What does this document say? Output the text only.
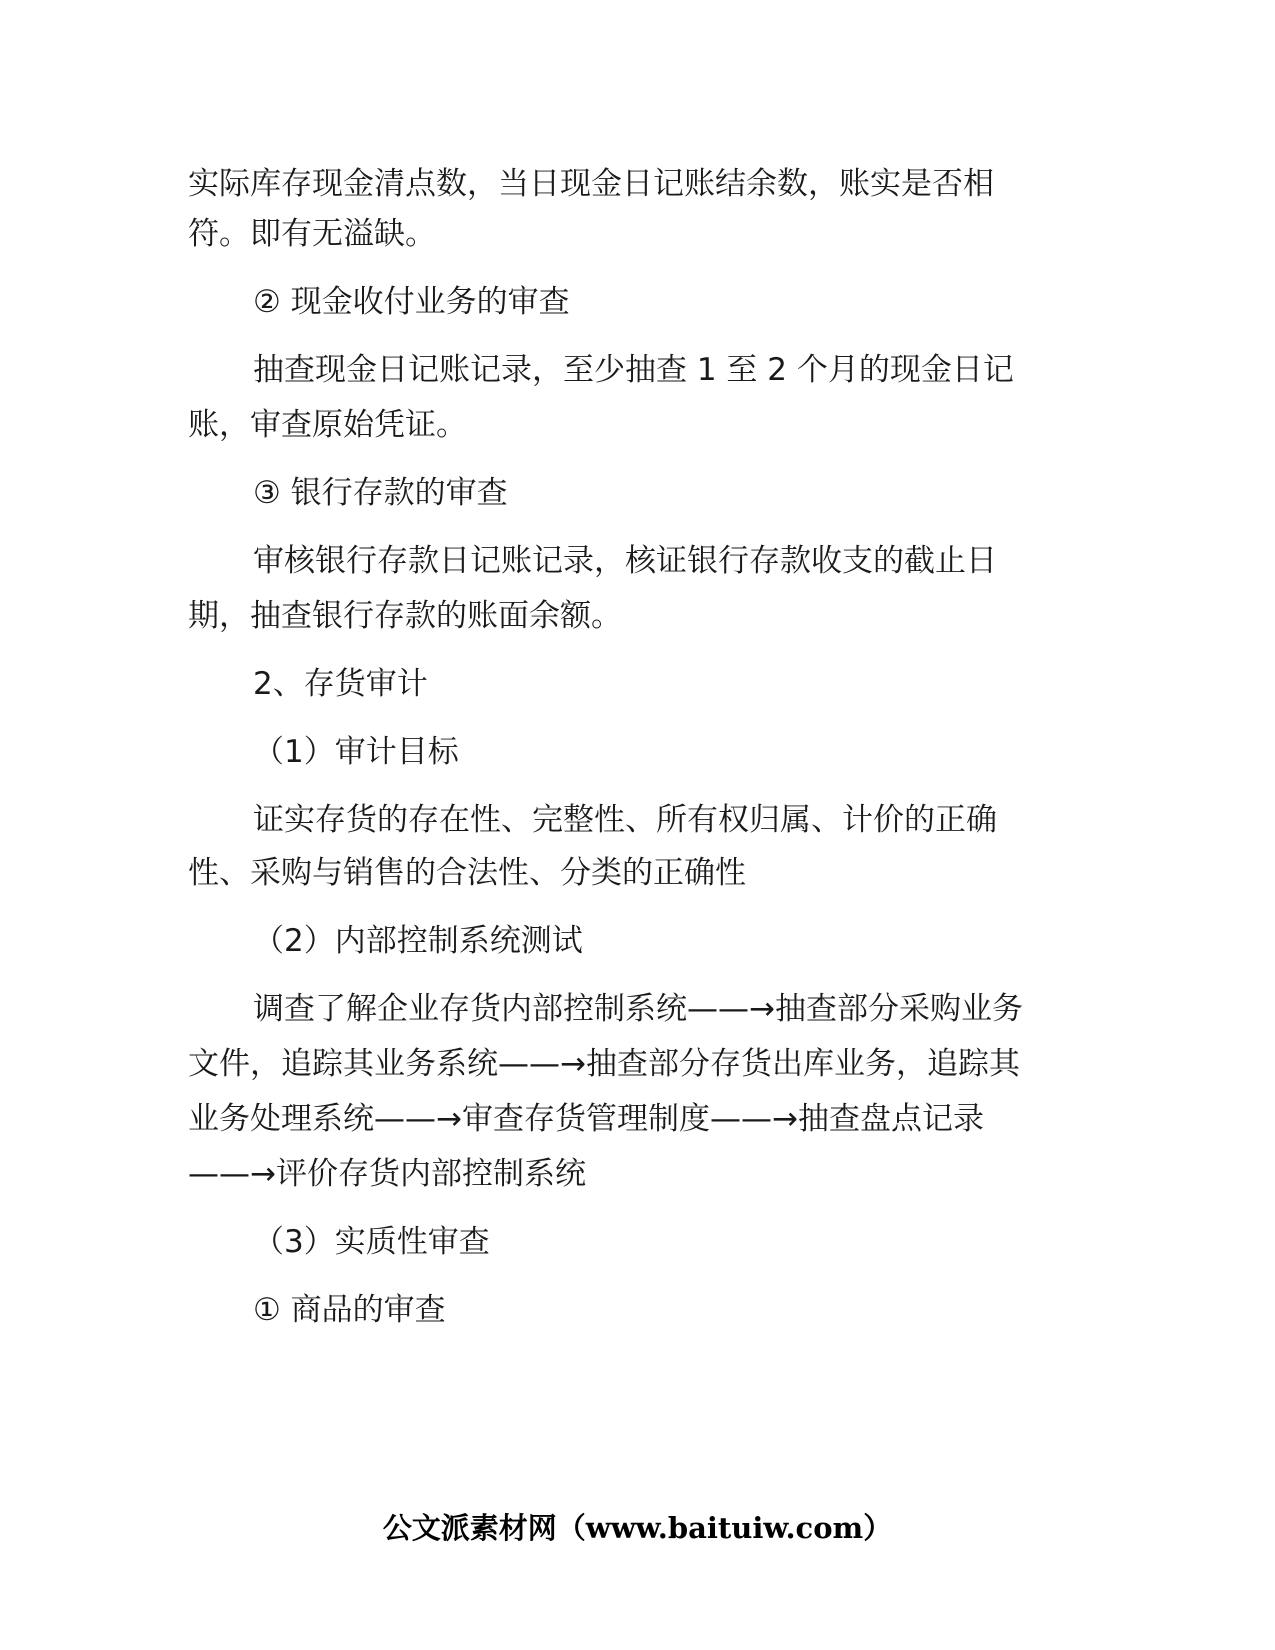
实际库存现金清点数，当日现金日记账结余数，账实是否相
符。即有无溢缺。
② 现金收付业务的审查
抽查现金日记账记录，至少抽查 1 至 2 个月的现金日记
账，审查原始凭证。
③ 银行存款的审查
审核银行存款日记账记录，核证银行存款收支的截止日
期，抽查银行存款的账面余额。
2、存货审计
（1）审计目标
证实存货的存在性、完整性、所有权归属、计价的正确
性、采购与销售的合法性、分类的正确性
（2）内部控制系统测试
调查了解企业存货内部控制系统——→抽查部分采购业务
文件，追踪其业务系统——→抽查部分存货出库业务，追踪其
业务处理系统——→审查存货管理制度——→抽查盘点记录
——→评价存货内部控制系统
（3）实质性审查
① 商品的审查
公文派素材网（www.baituiw.com）
